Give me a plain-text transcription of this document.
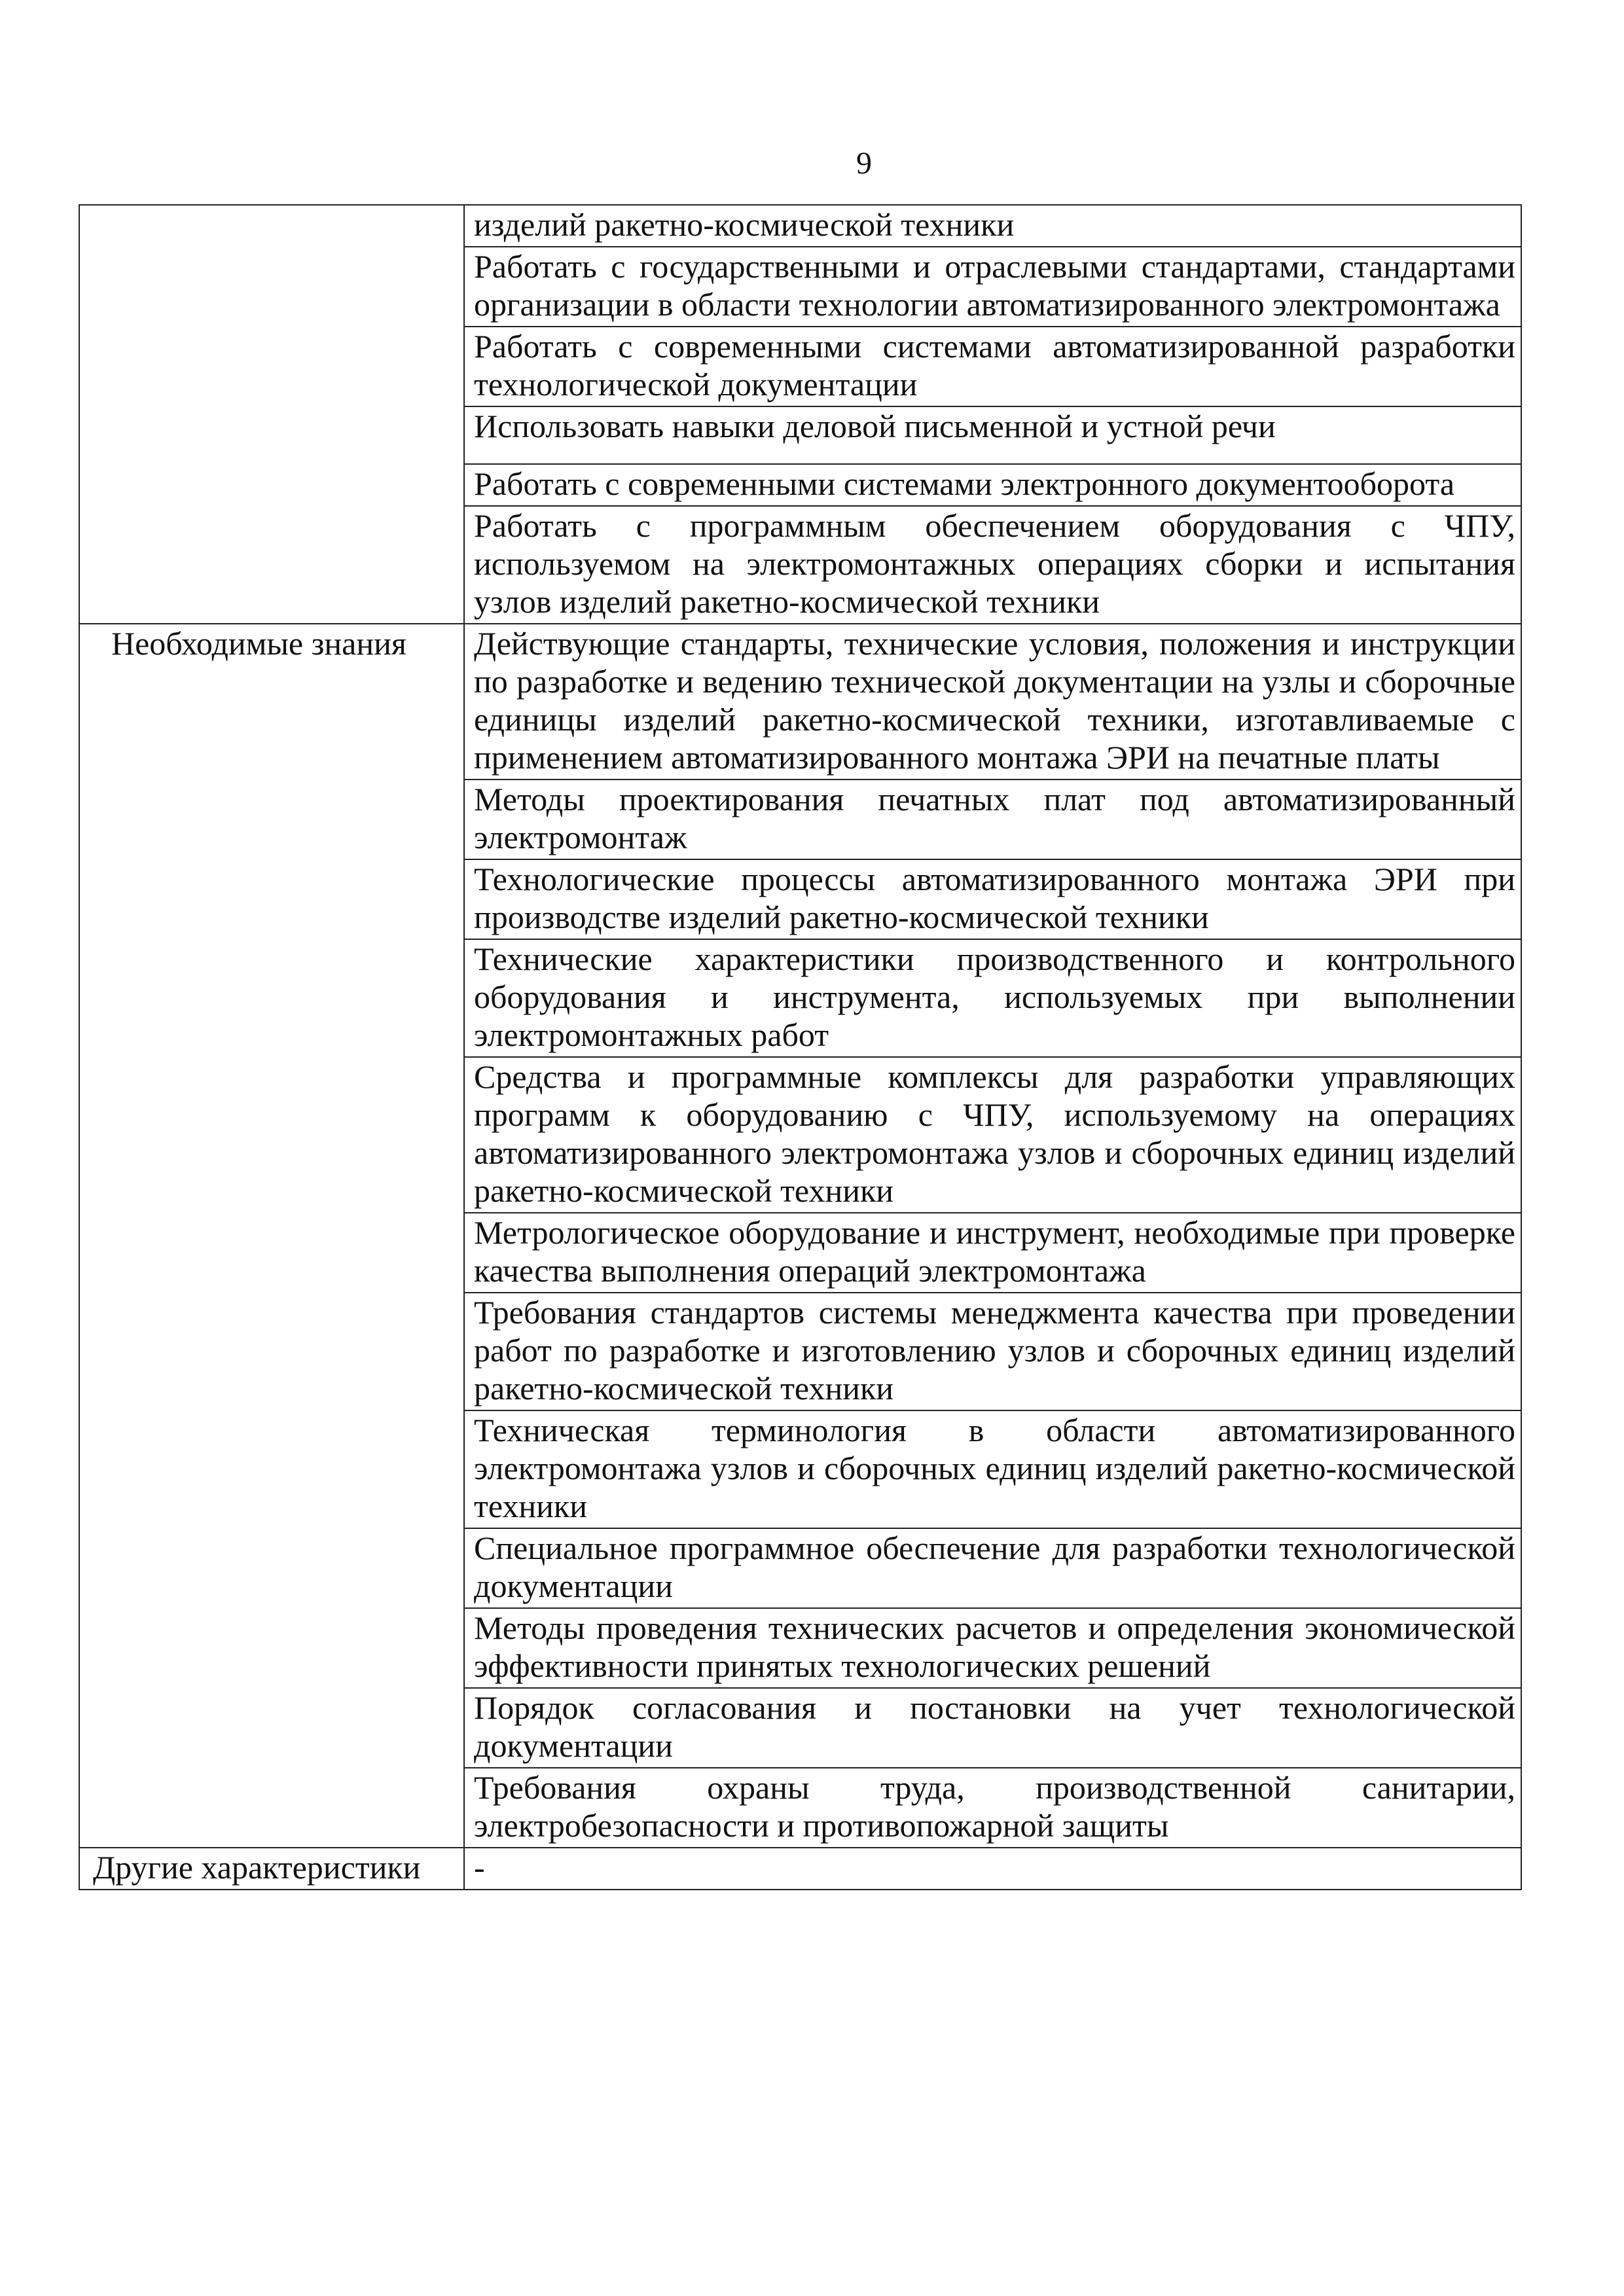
9
	изделий ракетно-космической техники
	Работать с государственными и отраслевыми стандартами, стандартами организации в области технологии автоматизированного электромонтажа
	Работать с современными системами автоматизированной разработки технологической документации
	Использовать навыки деловой письменной и устной речи
	Работать с современными системами электронного документооборота
	Работать с программным обеспечением оборудования с ЧПУ, используемом на электромонтажных операциях сборки и испытания узлов изделий ракетно-космической техники
Необходимые знания	Действующие стандарты, технические условия, положения и инструкции по разработке и ведению технической документации на узлы и сборочные единицы изделий ракетно-космической техники, изготавливаемые с применением автоматизированного монтажа ЭРИ на печатные платы
	Методы проектирования печатных плат под автоматизированный электромонтаж
	Технологические процессы автоматизированного монтажа ЭРИ при производстве изделий ракетно-космической техники
	Технические характеристики производственного и контрольного оборудования и инструмента, используемых при выполнении электромонтажных работ
	Средства и программные комплексы для разработки управляющих программ к оборудованию с ЧПУ, используемому на операциях автоматизированного электромонтажа узлов и сборочных единиц изделий ракетно-космической техники
	Метрологическое оборудование и инструмент, необходимые при проверке качества выполнения операций электромонтажа
	Требования стандартов системы менеджмента качества при проведении работ по разработке и изготовлению узлов и сборочных единиц изделий ракетно-космической техники
	Техническая терминология в области автоматизированного электромонтажа узлов и сборочных единиц изделий ракетно-космической техники
	Специальное программное обеспечение для разработки технологической документации
	Методы проведения технических расчетов и определения экономической эффективности принятых технологических решений
	Порядок согласования и постановки на учет технологической документации
	Требования охраны труда, производственной санитарии, электробезопасности и противопожарной защиты
Другие характеристики	-
